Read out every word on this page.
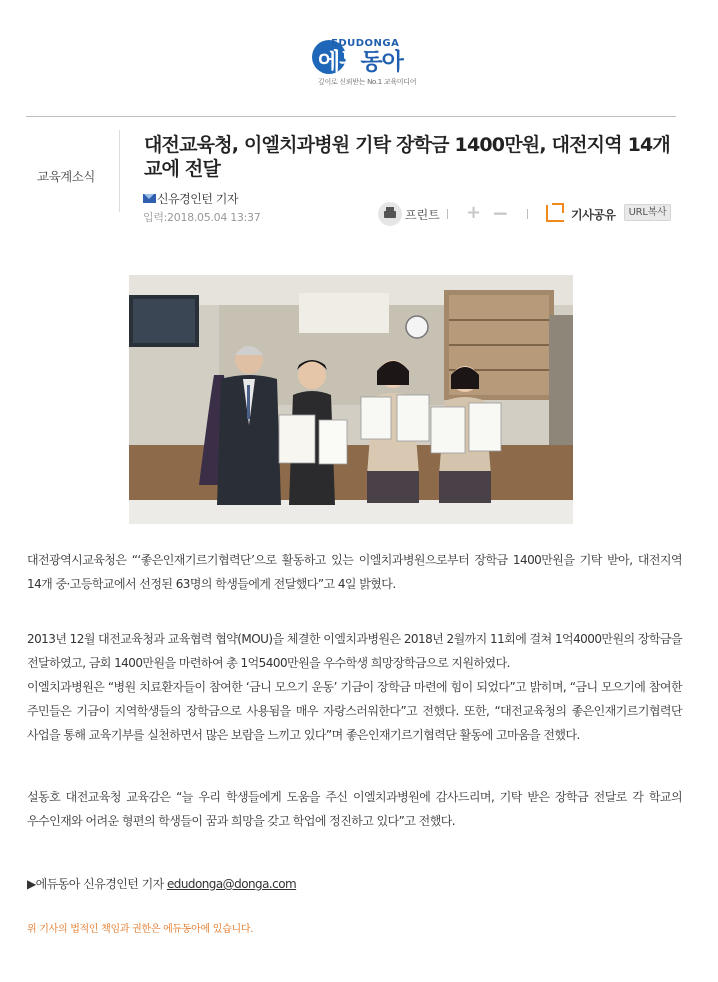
EDUDONGA
에듀동아
깊이로 신뢰받는 No.1 교육미디어
교육계소식
대전교육청, 이엘치과병원 기탁 장학금 1400만원, 대전지역 14개교에 전달
신유경인턴 기자
입력:2018.05.04 13:37	프린트 + −	기사공유	URL복사

대전광역시교육청은 “‘좋은인재기르기협력단’으로 활동하고 있는 이엘치과병원으로부터 장학금 1400만원을 기탁 받아, 대전지역 14개 중·고등학교에서 선정된 63명의 학생들에게 전달했다”고 4일 밝혔다.

2013년 12월 대전교육청과 교육협력 협약(MOU)을 체결한 이엘치과병원은 2018년 2월까지 11회에 걸쳐 1억4000만원의 장학금을 전달하였고, 금회 1400만원을 마련하여 총 1억5400만원을 우수학생 희망장학금으로 지원하였다.

이엘치과병원은 “병원 치료환자들이 참여한 ‘금니 모으기 운동’ 기금이 장학금 마련에 힘이 되었다”고 밝히며, “금니 모으기에 참여한 주민들은 기금이 지역학생들의 장학금으로 사용됨을 매우 자랑스러워한다”고 전했다. 또한, “대전교육청의 좋은인재기르기협력단 사업을 통해 교육기부를 실천하면서 많은 보람을 느끼고 있다”며 좋은인재기르기협력단 활동에 고마움을 전했다.

설동호 대전교육청 교육감은 “늘 우리 학생들에게 도움을 주신 이엘치과병원에 감사드리며, 기탁 받은 장학금 전달로 각 학교의 우수인재와 어려운 형편의 학생들이 꿈과 희망을 갖고 학업에 정진하고 있다”고 전했다.

▶에듀동아 신유경인턴 기자 edudonga@donga.com

위 기사의 법적인 책임과 권한은 에듀동아에 있습니다.
